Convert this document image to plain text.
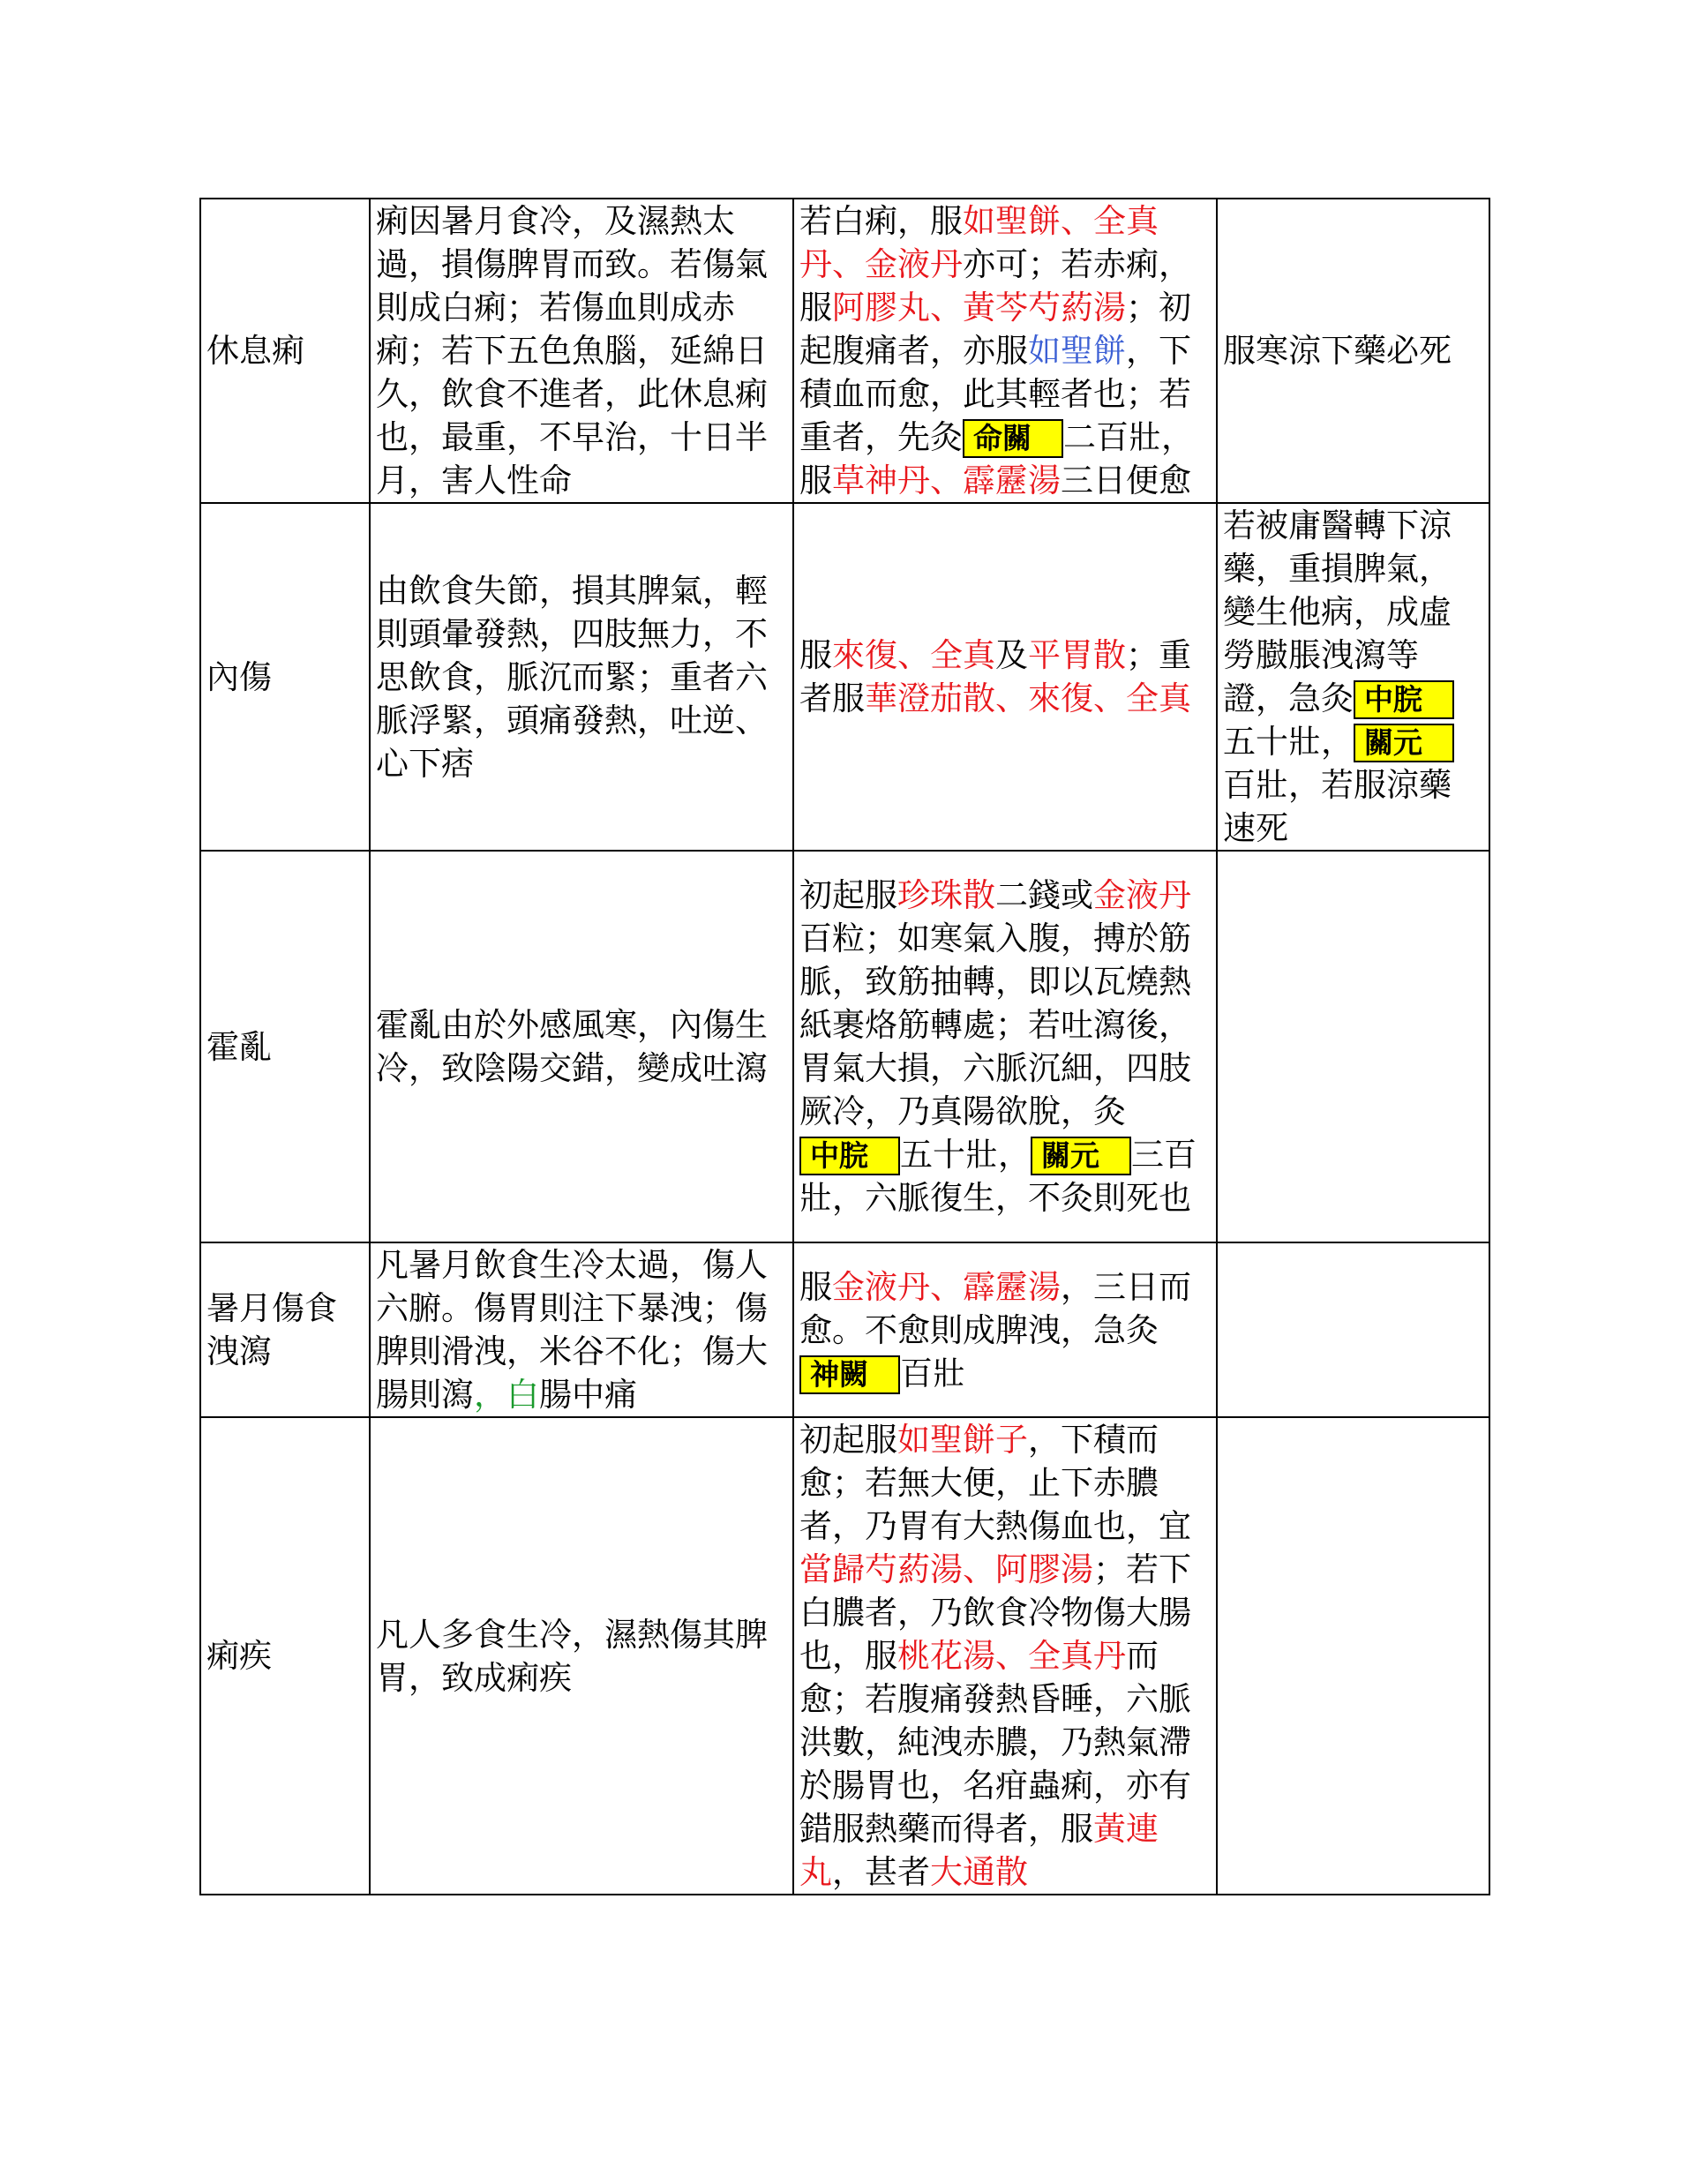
休息痢	痢因暑月食冷，及濕熱太過，損傷脾胃而致。若傷氣則成白痢；若傷血則成赤痢；若下五色魚腦，延綿日久，飲食不進者，此休息痢也，最重，不早治，十日半月，害人性命	若白痢，服如聖餅、全真丹、金液丹亦可；若赤痢，服阿膠丸、黃芩芍葯湯；初起腹痛者，亦服如聖餅，下積血而愈，此其輕者也；若重者，先灸 命關 二百壯，服草神丹、霹靂湯三日便愈	服寒涼下藥必死
內傷	由飲食失節，損其脾氣，輕則頭暈發熱，四肢無力，不思飲食，脈沉而緊；重者六脈浮緊，頭痛發熱，吐逆、心下痞	服來復、全真及平胃散；重者服華澄茄散、來復、全真	若被庸醫轉下涼藥，重損脾氣，變生他病，成虛勞臌脹洩瀉等證，急灸 中脘五十壯， 關元百壯，若服涼藥速死
霍亂	霍亂由於外感風寒，內傷生冷，致陰陽交錯，變成吐瀉	初起服珍珠散二錢或金液丹百粒；如寒氣入腹，搏於筋脈，致筋抽轉，即以瓦燒熱紙裹烙筋轉處；若吐瀉後，胃氣大損，六脈沉細，四肢厥冷，乃真陽欲脫，灸中脘 五十壯， 關元 三百壯，六脈復生，不灸則死也	
暑月傷食洩瀉	凡暑月飲食生冷太過，傷人六腑。傷胃則注下暴洩；傷脾則滑洩，米谷不化；傷大腸則瀉，白腸中痛	服金液丹、霹靂湯，三日而愈。不愈則成脾洩，急灸神闕 百壯	
痢疾	凡人多食生冷，濕熱傷其脾胃，致成痢疾	初起服如聖餅子，下積而愈；若無大便，止下赤膿者，乃胃有大熱傷血也，宜當歸芍葯湯、阿膠湯；若下白膿者，乃飲食冷物傷大腸也，服桃花湯、全真丹而愈；若腹痛發熱昏睡，六脈洪數，純洩赤膿，乃熱氣滯於腸胃也，名疳蟲痢，亦有錯服熱藥而得者，服黃連丸，甚者大通散	
